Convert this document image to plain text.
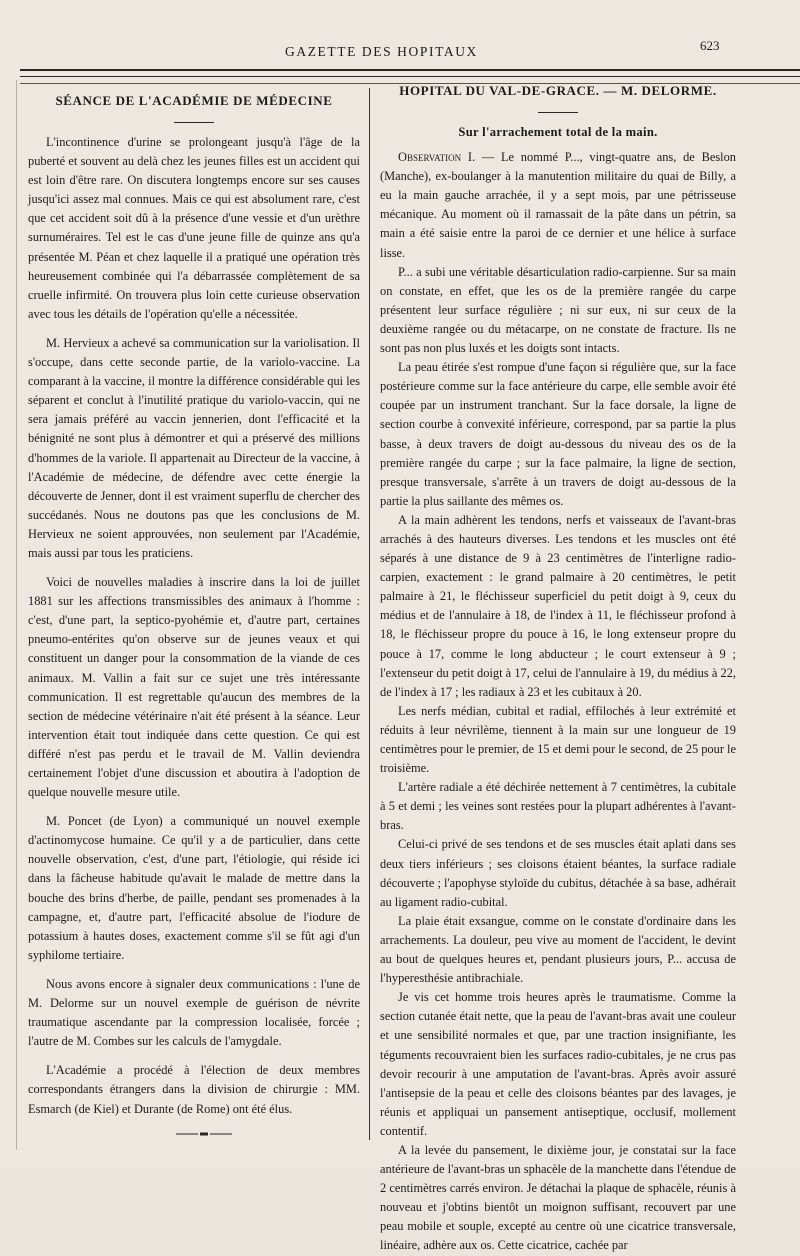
GAZETTE DES HOPITAUX	623
SÉANCE DE L'ACADÉMIE DE MÉDECINE

L'incontinence d'urine se prolongeant jusqu'à l'âge de la puberté et souvent au delà chez les jeunes filles est un accident qui est loin d'être rare. On discutera longtemps encore sur ses causes jusqu'ici assez mal connues. Mais ce qui est absolument rare, c'est que cet accident soit dû à la présence d'une vessie et d'un urèthre surnuméraires. Tel est le cas d'une jeune fille de quinze ans qu'a présentée M. Péan et chez laquelle il a pratiqué une opération très heureusement combinée qui l'a débarrassée complètement de sa cruelle infirmité. On trouvera plus loin cette curieuse observation avec tous les détails de l'opération qu'elle a nécessitée.

M. Hervieux a achevé sa communication sur la variolisation. Il s'occupe, dans cette seconde partie, de la variolo-vaccine. La comparant à la vaccine, il montre la différence considérable qui les séparent et conclut à l'inutilité pratique du variolo-vaccin, qui ne sera jamais préféré au vaccin jennerien, dont l'efficacité et la bénignité ne sont plus à démontrer et qui a préservé des millions d'hommes de la variole. Il appartenait au Directeur de la vaccine, à l'Académie de médecine, de défendre avec cette énergie la découverte de Jenner, dont il est vraiment superflu de chercher des succédanés. Nous ne doutons pas que les conclusions de M. Hervieux ne soient approuvées, non seulement par l'Académie, mais aussi par tous les praticiens.

Voici de nouvelles maladies à inscrire dans la loi de juillet 1881 sur les affections transmissibles des animaux à l'homme : c'est, d'une part, la septico-pyohémie et, d'autre part, certaines pneumo-entérites qu'on observe sur de jeunes veaux et qui constituent un danger pour la consommation de la viande de ces animaux. M. Vallin a fait sur ce sujet une très intéressante communication. Il est regrettable qu'aucun des membres de la section de médecine vétérinaire n'ait été présent à la séance. Leur intervention était tout indiquée dans cette question. Ce qui est différé n'est pas perdu et le travail de M. Vallin deviendra certainement l'objet d'une discussion et aboutira à l'adoption de quelque nouvelle mesure utile.

M. Poncet (de Lyon) a communiqué un nouvel exemple d'actinomycose humaine. Ce qu'il y a de particulier, dans cette nouvelle observation, c'est, d'une part, l'étiologie, qui réside ici dans la fâcheuse habitude qu'avait le malade de mettre dans la bouche des brins d'herbe, de paille, pendant ses promenades à la campagne, et, d'autre part, l'efficacité absolue de l'iodure de potassium à hautes doses, exactement comme s'il se fût agi d'un syphilome tertiaire.

Nous avons encore à signaler deux communications : l'une de M. Delorme sur un nouvel exemple de guérison de névrite traumatique ascendante par la compression localisée, forcée ; l'autre de M. Combes sur les calculs de l'amygdale.

L'Académie a procédé à l'élection de deux membres correspondants étrangers dans la division de chirurgie : MM. Esmarch (de Kiel) et Durante (de Rome) ont été élus.

HOPITAL DU VAL-DE-GRACE. — M. DELORME.
Sur l'arrachement total de la main.

Observation I. — Le nommé P..., vingt-quatre ans, de Beslon (Manche), ex-boulanger à la manutention militaire du quai de Billy, a eu la main gauche arrachée, il y a sept mois, par une pétrisseuse mécanique. Au moment où il ramassait de la pâte dans un pétrin, sa main a été saisie entre la paroi de ce dernier et une hélice à surface lisse.

P... a subi une véritable désarticulation radio-carpienne. Sur sa main on constate, en effet, que les os de la première rangée du carpe présentent leur surface régulière ; ni sur eux, ni sur ceux de la deuxième rangée ou du métacarpe, on ne constate de fracture. Ils ne sont pas non plus luxés et les doigts sont intacts.

La peau étirée s'est rompue d'une façon si régulière que, sur la face postérieure comme sur la face antérieure du carpe, elle semble avoir été coupée par un instrument tranchant. Sur la face dorsale, la ligne de section courbe à convexité inférieure, correspond, par sa partie la plus basse, à deux travers de doigt au-dessous du niveau des os de la première rangée du carpe ; sur la face palmaire, la ligne de section, presque transversale, s'arrête à un travers de doigt au-dessous de la partie la plus saillante des mêmes os.

A la main adhèrent les tendons, nerfs et vaisseaux de l'avant-bras arrachés à des hauteurs diverses. Les tendons et les muscles ont été séparés à une distance de 9 à 23 centimètres de l'interligne radio-carpien, exactement : le grand palmaire à 20 centimètres, le petit palmaire à 21, le fléchisseur superficiel du petit doigt à 9, ceux du médius et de l'annulaire à 18, de l'index à 11, le fléchisseur profond à 18, le fléchisseur propre du pouce à 16, le long extenseur propre du pouce à 17, comme le long abducteur ; le court extenseur à 9 ; l'extenseur du petit doigt à 17, celui de l'annulaire à 19, du médius à 22, de l'index à 17 ; les radiaux à 23 et les cubitaux à 20.

Les nerfs médian, cubital et radial, effilochés à leur extrémité et réduits à leur névrilème, tiennent à la main sur une longueur de 19 centimètres pour le premier, de 15 et demi pour le second, de 25 pour le troisième.

L'artère radiale a été déchirée nettement à 7 centimètres, la cubitale à 5 et demi ; les veines sont restées pour la plupart adhérentes à l'avant-bras.

Celui-ci privé de ses tendons et de ses muscles était aplati dans ses deux tiers inférieurs ; ses cloisons étaient béantes, la surface radiale découverte ; l'apophyse styloïde du cubitus, détachée à sa base, adhérait au ligament radio-cubital.

La plaie était exsangue, comme on le constate d'ordinaire dans les arrachements. La douleur, peu vive au moment de l'accident, le devint au bout de quelques heures et, pendant plusieurs jours, P... accusa de l'hyperesthésie antibrachiale.

Je vis cet homme trois heures après le traumatisme. Comme la section cutanée était nette, que la peau de l'avant-bras avait une couleur et une sensibilité normales et que, par une traction insignifiante, les téguments recouvraient bien les surfaces radio-cubitales, je ne crus pas devoir recourir à une amputation de l'avant-bras. Après avoir assuré l'antisepsie de la peau et celle des cloisons béantes par des lavages, je réunis et appliquai un pansement antiseptique, occlusif, mollement contentif.

A la levée du pansement, le dixième jour, je constatai sur la face antérieure de l'avant-bras un sphacèle de la manchette dans l'étendue de 2 centimètres carrés environ. Je détachai la plaque de sphacèle, réunis à nouveau et j'obtins bientôt un moignon suffisant, recouvert par une peau mobile et souple, excepté au centre où une cicatrice transversale, linéaire, adhère aux os. Cette cicatrice, cachée par
